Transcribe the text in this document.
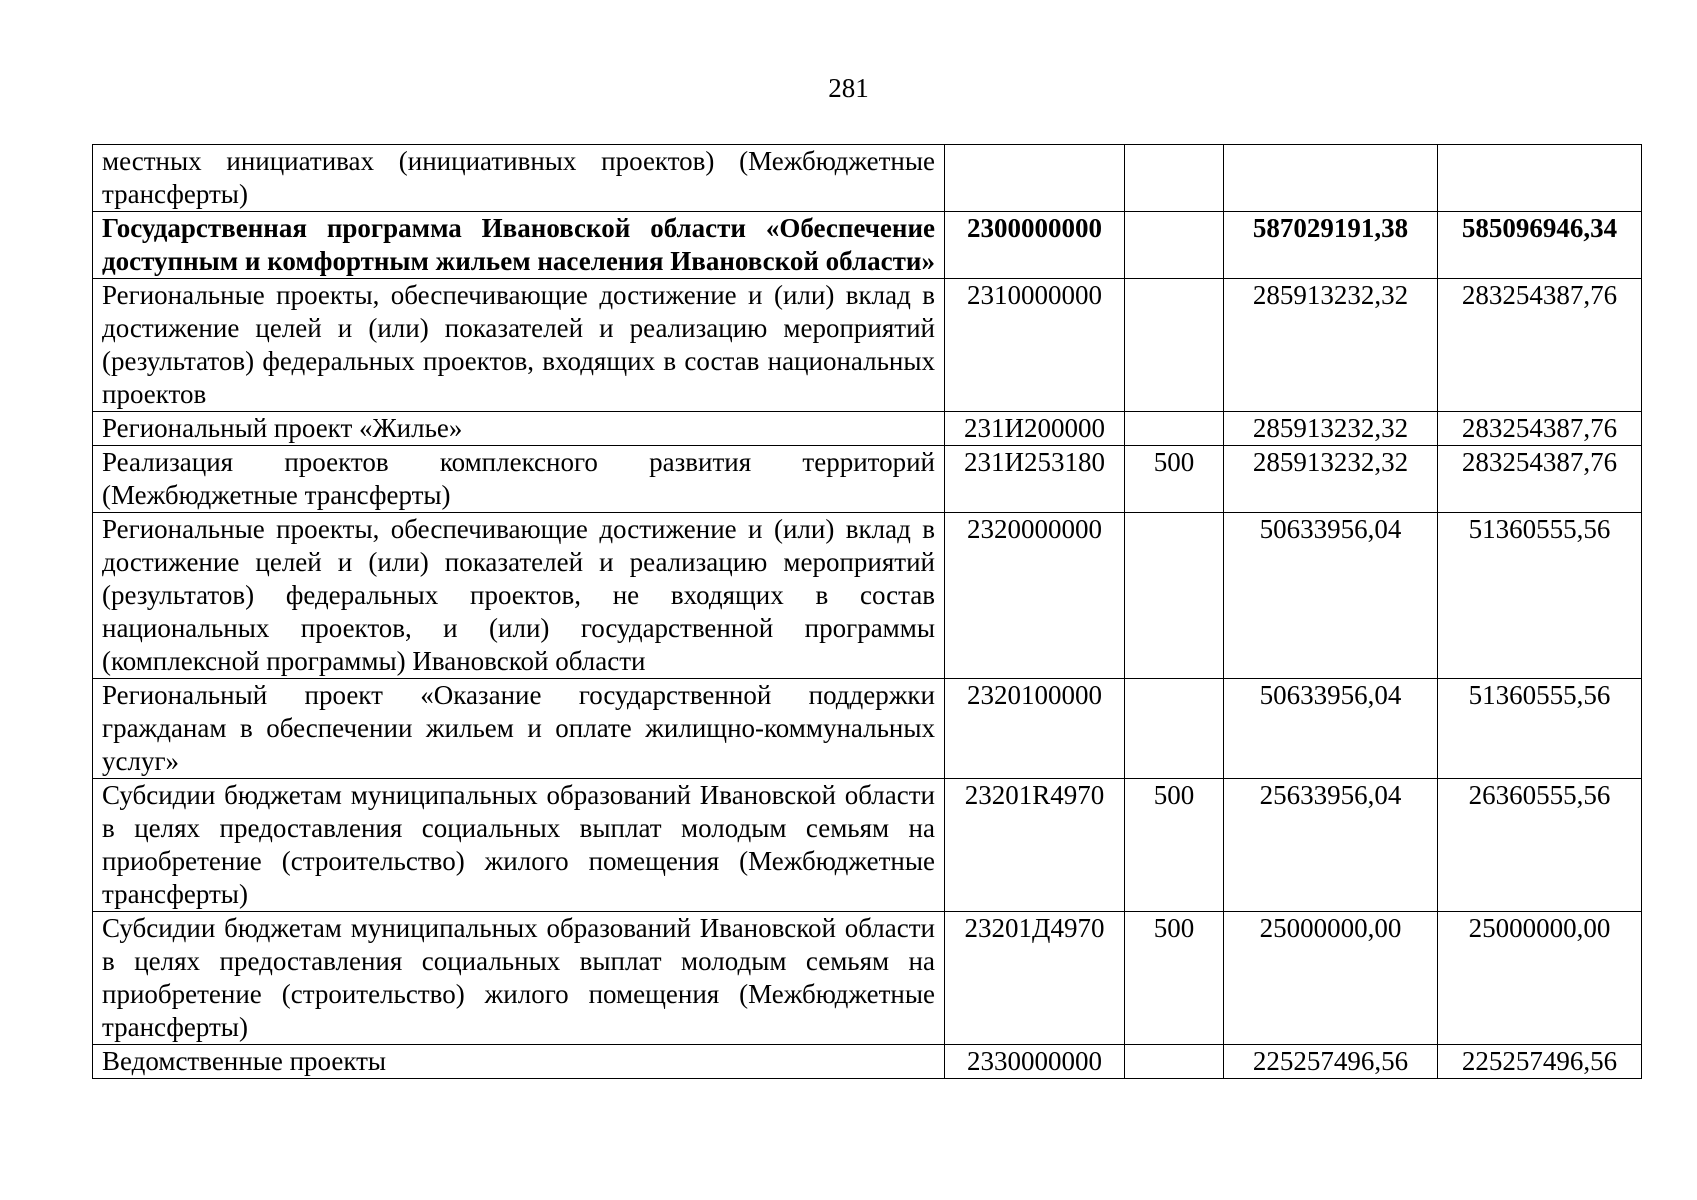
281
местных инициативах (инициативных проектов) (Межбюджетные трансферты)				
Государственная программа Ивановской области «Обеспечение доступным и комфортным жильем населения Ивановской области»	2300000000		587029191,38	585096946,34
Региональные проекты, обеспечивающие достижение и (или) вклад в достижение целей и (или) показателей и реализацию мероприятий (результатов) федеральных проектов, входящих в состав национальных проектов	2310000000		285913232,32	283254387,76
Региональный проект «Жилье»	231И200000		285913232,32	283254387,76
Реализация проектов комплексного развития территорий (Межбюджетные трансферты)	231И253180	500	285913232,32	283254387,76
Региональные проекты, обеспечивающие достижение и (или) вклад в достижение целей и (или) показателей и реализацию мероприятий (результатов) федеральных проектов, не входящих в состав национальных проектов, и (или) государственной программы (комплексной программы) Ивановской области	2320000000		50633956,04	51360555,56
Региональный проект «Оказание государственной поддержки гражданам в обеспечении жильем и оплате жилищно-коммунальных услуг»	2320100000		50633956,04	51360555,56
Субсидии бюджетам муниципальных образований Ивановской области в целях предоставления социальных выплат молодым семьям на приобретение (строительство) жилого помещения (Межбюджетные трансферты)	23201R4970	500	25633956,04	26360555,56
Субсидии бюджетам муниципальных образований Ивановской области в целях предоставления социальных выплат молодым семьям на приобретение (строительство) жилого помещения (Межбюджетные трансферты)	23201Д4970	500	25000000,00	25000000,00
Ведомственные проекты	2330000000		225257496,56	225257496,56
